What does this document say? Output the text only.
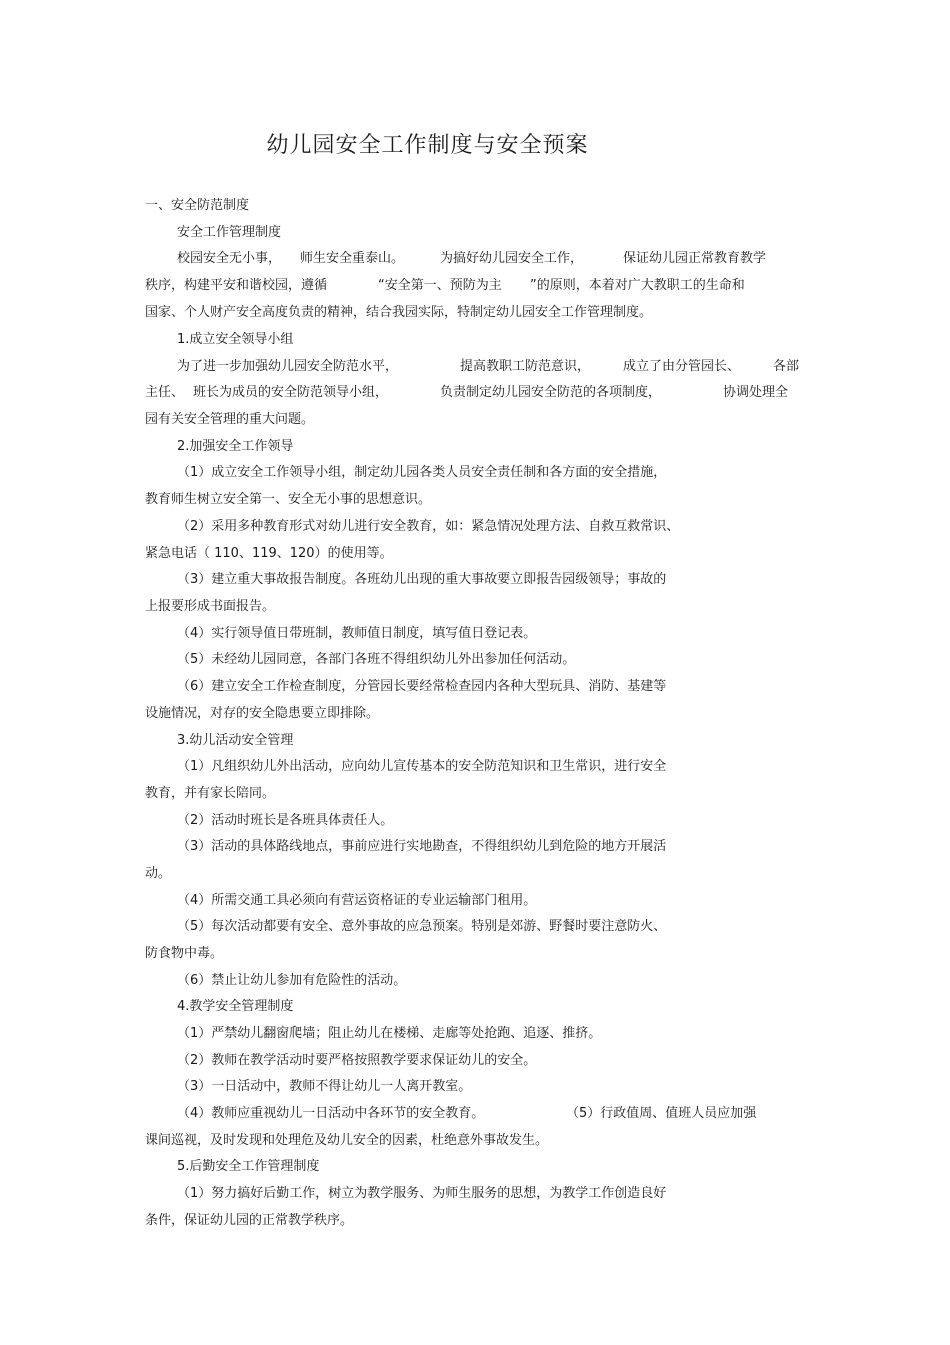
幼儿园安全工作制度与安全预案
一、安全防范制度
安全工作管理制度
校园安全无小事， 师生安全重泰山。	为搞好幼儿园安全工作，	保证幼儿园正常教育教学
秩序，构建平安和谐校园，遵循	“安全第一、预防为主 ”的原则，本着对广大教职工的生命和
国家、个人财产安全高度负责的精神，结合我园实际，特制定幼儿园安全工作管理制度。
1.成立安全领导小组
为了进一步加强幼儿园安全防范水平，	提高教职工防范意识，	成立了由分管园长、	各部
主任、 班长为成员的安全防范领导小组，	负责制定幼儿园安全防范的各项制度，	协调处理全
园有关安全管理的重大问题。
2.加强安全工作领导
（1）成立安全工作领导小组，制定幼儿园各类人员安全责任制和各方面的安全措施，
教育师生树立安全第一、安全无小事的思想意识。
（2）采用多种教育形式对幼儿进行安全教育，如：紧急情况处理方法、自救互救常识、
紧急电话（ 110、119、120）的使用等。
（3）建立重大事故报告制度。各班幼儿出现的重大事故要立即报告园级领导；事故的
上报要形成书面报告。
（4）实行领导值日带班制，教师值日制度，填写值日登记表。
（5）未经幼儿园同意，各部门各班不得组织幼儿外出参加任何活动。
（6）建立安全工作检查制度，分管园长要经常检查园内各种大型玩具、消防、基建等
设施情况，对存的安全隐患要立即排除。
3.幼儿活动安全管理
（1）凡组织幼儿外出活动，应向幼儿宣传基本的安全防范知识和卫生常识，进行安全
教育，并有家长陪同。
（2）活动时班长是各班具体责任人。
（3）活动的具体路线地点，事前应进行实地勘查，不得组织幼儿到危险的地方开展活
动。
（4）所需交通工具必须向有营运资格证的专业运输部门租用。
（5）每次活动都要有安全、意外事故的应急预案。特别是郊游、野餐时要注意防火、
防食物中毒。
（6）禁止让幼儿参加有危险性的活动。
4.教学安全管理制度
（1）严禁幼儿翻窗爬墙；阻止幼儿在楼梯、走廊等处抢跑、追逐、推挤。
（2）教师在教学活动时要严格按照教学要求保证幼儿的安全。
（3）一日活动中，教师不得让幼儿一人离开教室。
（4）教师应重视幼儿一日活动中各环节的安全教育。	（5）行政值周、值班人员应加强
课间巡视，及时发现和处理危及幼儿安全的因素，杜绝意外事故发生。
5.后勤安全工作管理制度
（1）努力搞好后勤工作，树立为教学服务、为师生服务的思想，为教学工作创造良好
条件，保证幼儿园的正常教学秩序。
